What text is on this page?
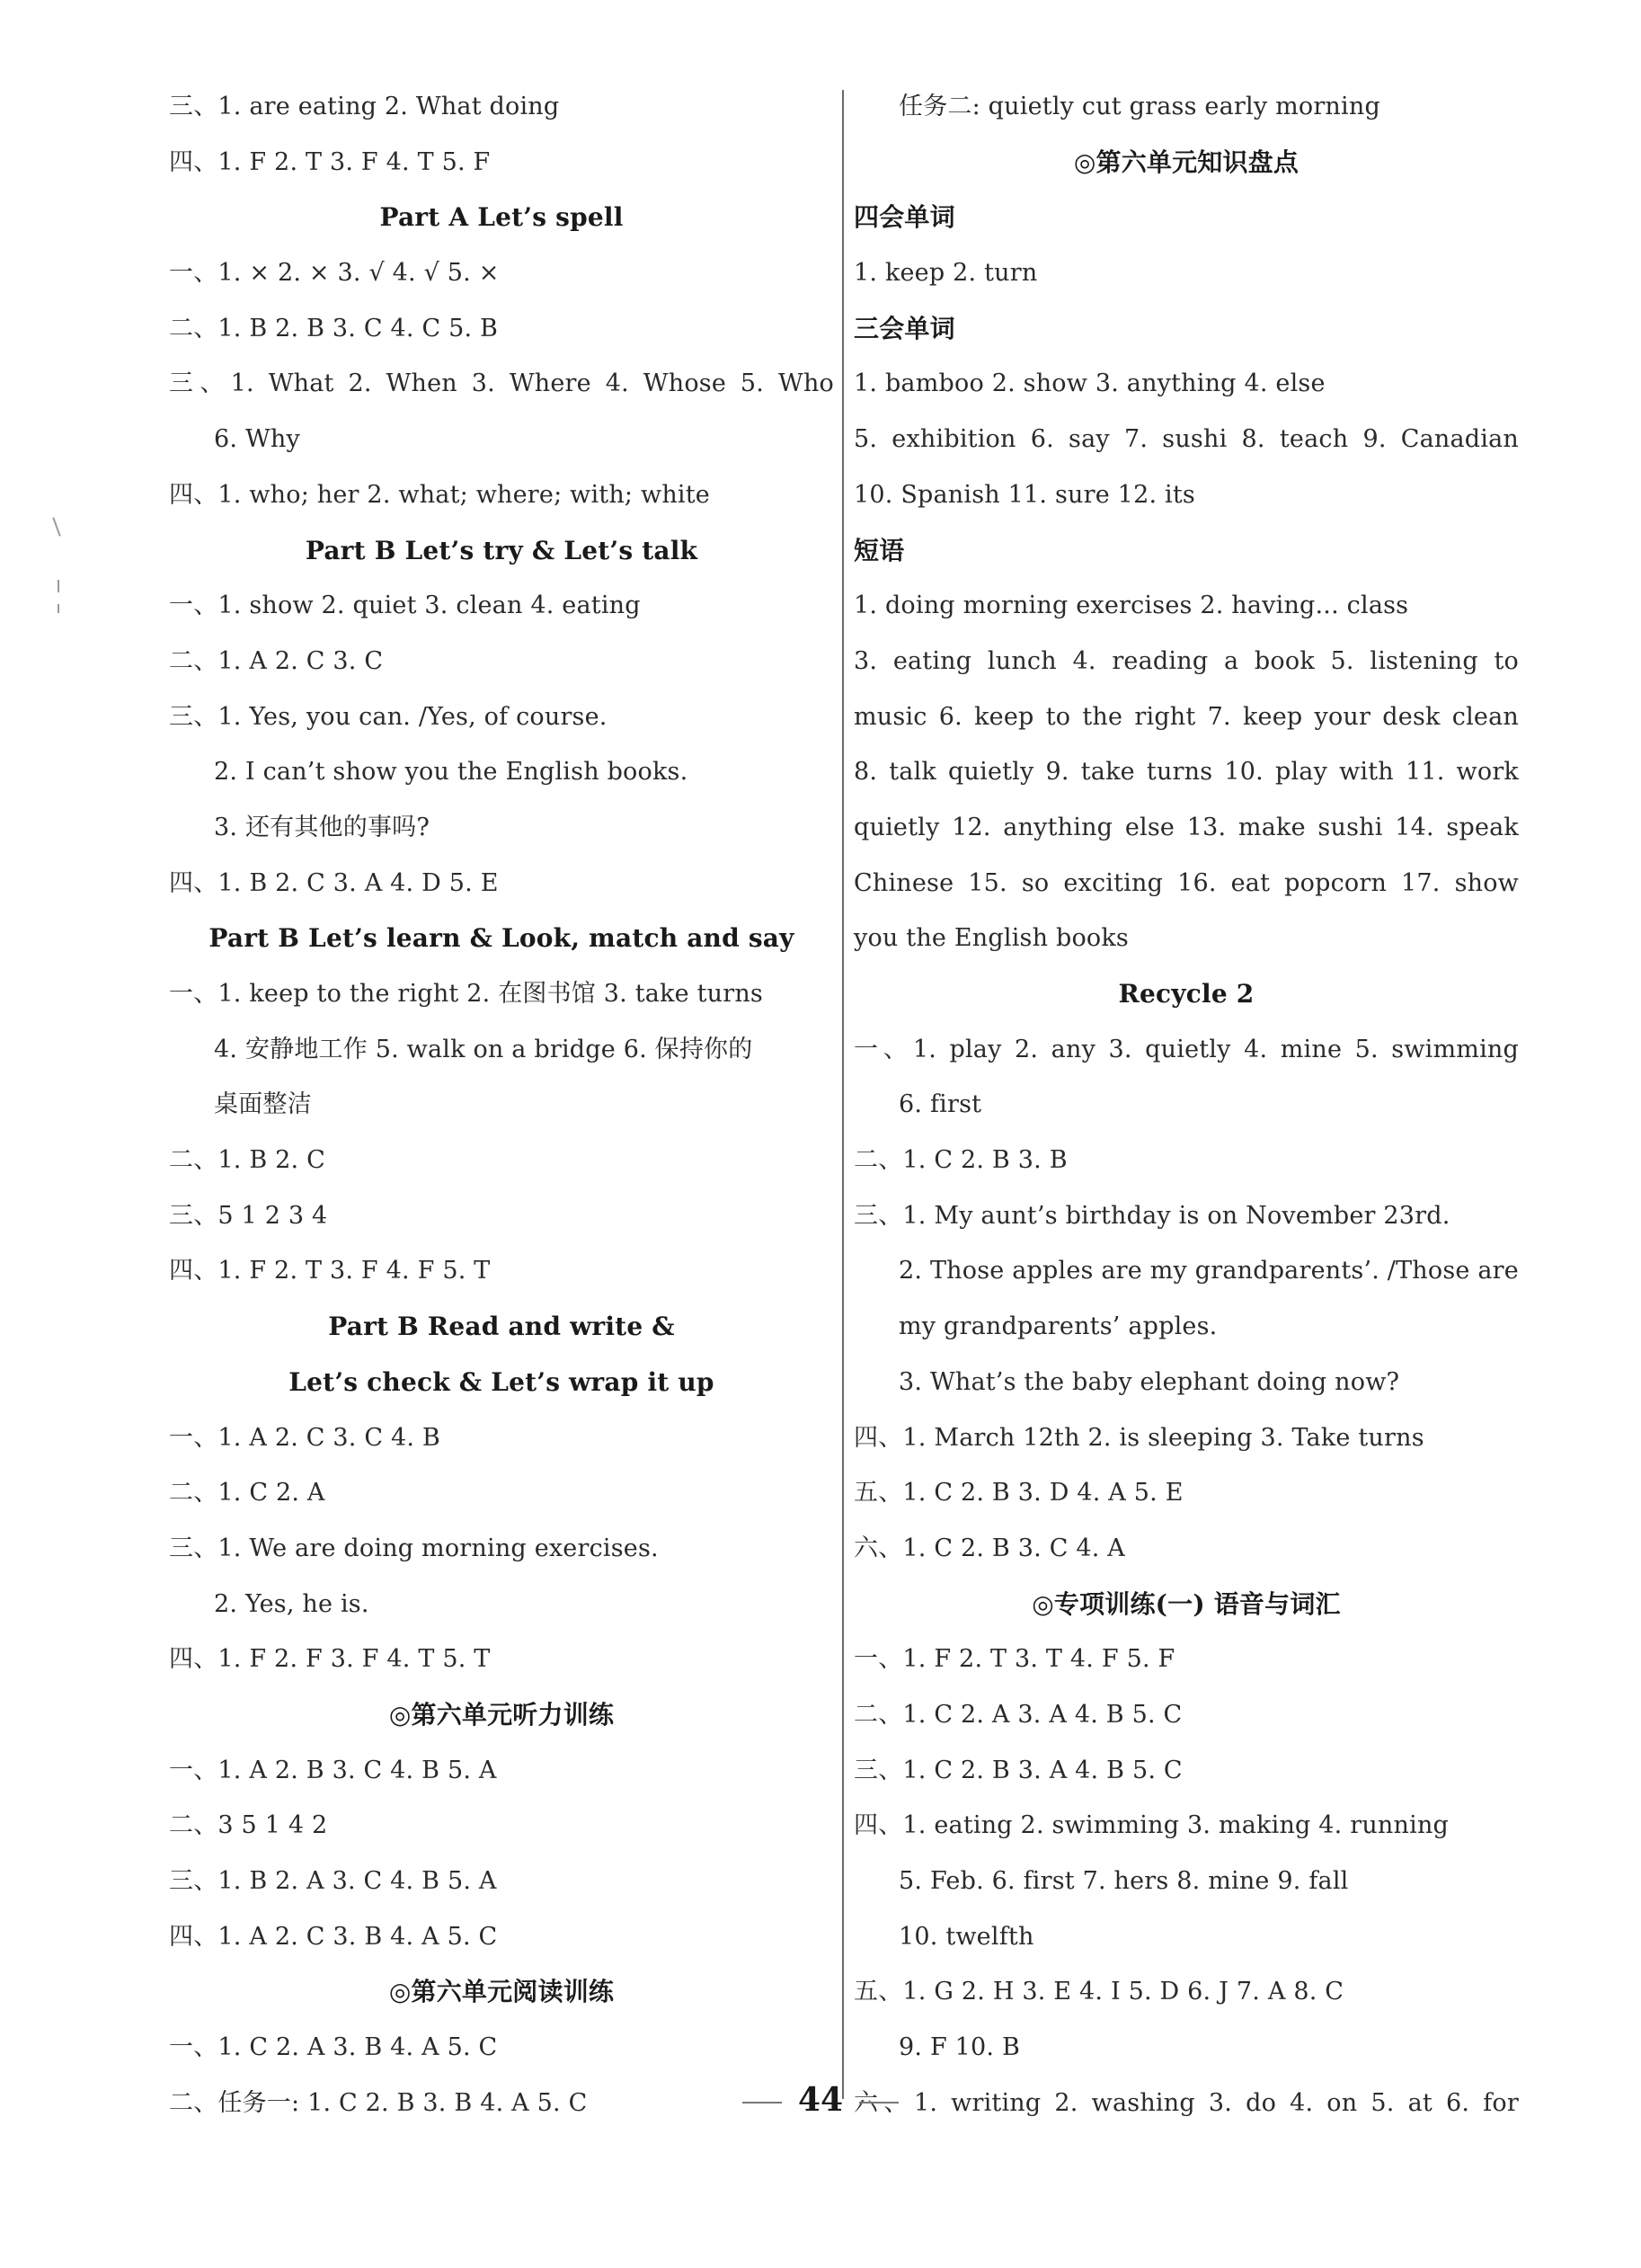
三、1. are eating 2. What doing
四、1. F 2. T 3. F 4. T 5. F
Part A Let’s spell
一、1. × 2. × 3. √ 4. √ 5. ×
二、1. B 2. B 3. C 4. C 5. B
三、1. What 2. When 3. Where 4. Whose 5. Who
6. Why
四、1. who; her 2. what; where; with; white
Part B Let’s try & Let’s talk
一、1. show 2. quiet 3. clean 4. eating
二、1. A 2. C 3. C
三、1. Yes, you can. /Yes, of course.
2. I can’t show you the English books.
3. 还有其他的事吗?
四、1. B 2. C 3. A 4. D 5. E
Part B Let’s learn & Look, match and say
一、1. keep to the right 2. 在图书馆 3. take turns
4. 安静地工作 5. walk on a bridge 6. 保持你的
桌面整洁
二、1. B 2. C
三、5 1 2 3 4
四、1. F 2. T 3. F 4. F 5. T
Part B Read and write &
Let’s check & Let’s wrap it up
一、1. A 2. C 3. C 4. B
二、1. C 2. A
三、1. We are doing morning exercises.
2. Yes, he is.
四、1. F 2. F 3. F 4. T 5. T
◎第六单元听力训练
一、1. A 2. B 3. C 4. B 5. A
二、3 5 1 4 2
三、1. B 2. A 3. C 4. B 5. A
四、1. A 2. C 3. B 4. A 5. C
◎第六单元阅读训练
一、1. C 2. A 3. B 4. A 5. C
二、任务一: 1. C 2. B 3. B 4. A 5. C
任务二: quietly cut grass early morning
◎第六单元知识盘点
四会单词
1. keep 2. turn
三会单词
1. bamboo 2. show 3. anything 4. else
5. exhibition 6. say 7. sushi 8. teach 9. Canadian
10. Spanish 11. sure 12. its
短语
1. doing morning exercises 2. having... class
3. eating lunch 4. reading a book 5. listening to
music 6. keep to the right 7. keep your desk clean
8. talk quietly 9. take turns 10. play with 11. work
quietly 12. anything else 13. make sushi 14. speak
Chinese 15. so exciting 16. eat popcorn 17. show
you the English books
Recycle 2
一、1. play 2. any 3. quietly 4. mine 5. swimming
6. first
二、1. C 2. B 3. B
三、1. My aunt’s birthday is on November 23rd.
2. Those apples are my grandparents’. /Those are
my grandparents’ apples.
3. What’s the baby elephant doing now?
四、1. March 12th 2. is sleeping 3. Take turns
五、1. C 2. B 3. D 4. A 5. E
六、1. C 2. B 3. C 4. A
◎专项训练(一) 语音与词汇
一、1. F 2. T 3. T 4. F 5. F
二、1. C 2. A 3. A 4. B 5. C
三、1. C 2. B 3. A 4. B 5. C
四、1. eating 2. swimming 3. making 4. running
5. Feb. 6. first 7. hers 8. mine 9. fall
10. twelfth
五、1. G 2. H 3. E 4. I 5. D 6. J 7. A 8. C
9. F 10. B
六、1. writing 2. washing 3. do 4. on 5. at 6. for
44
